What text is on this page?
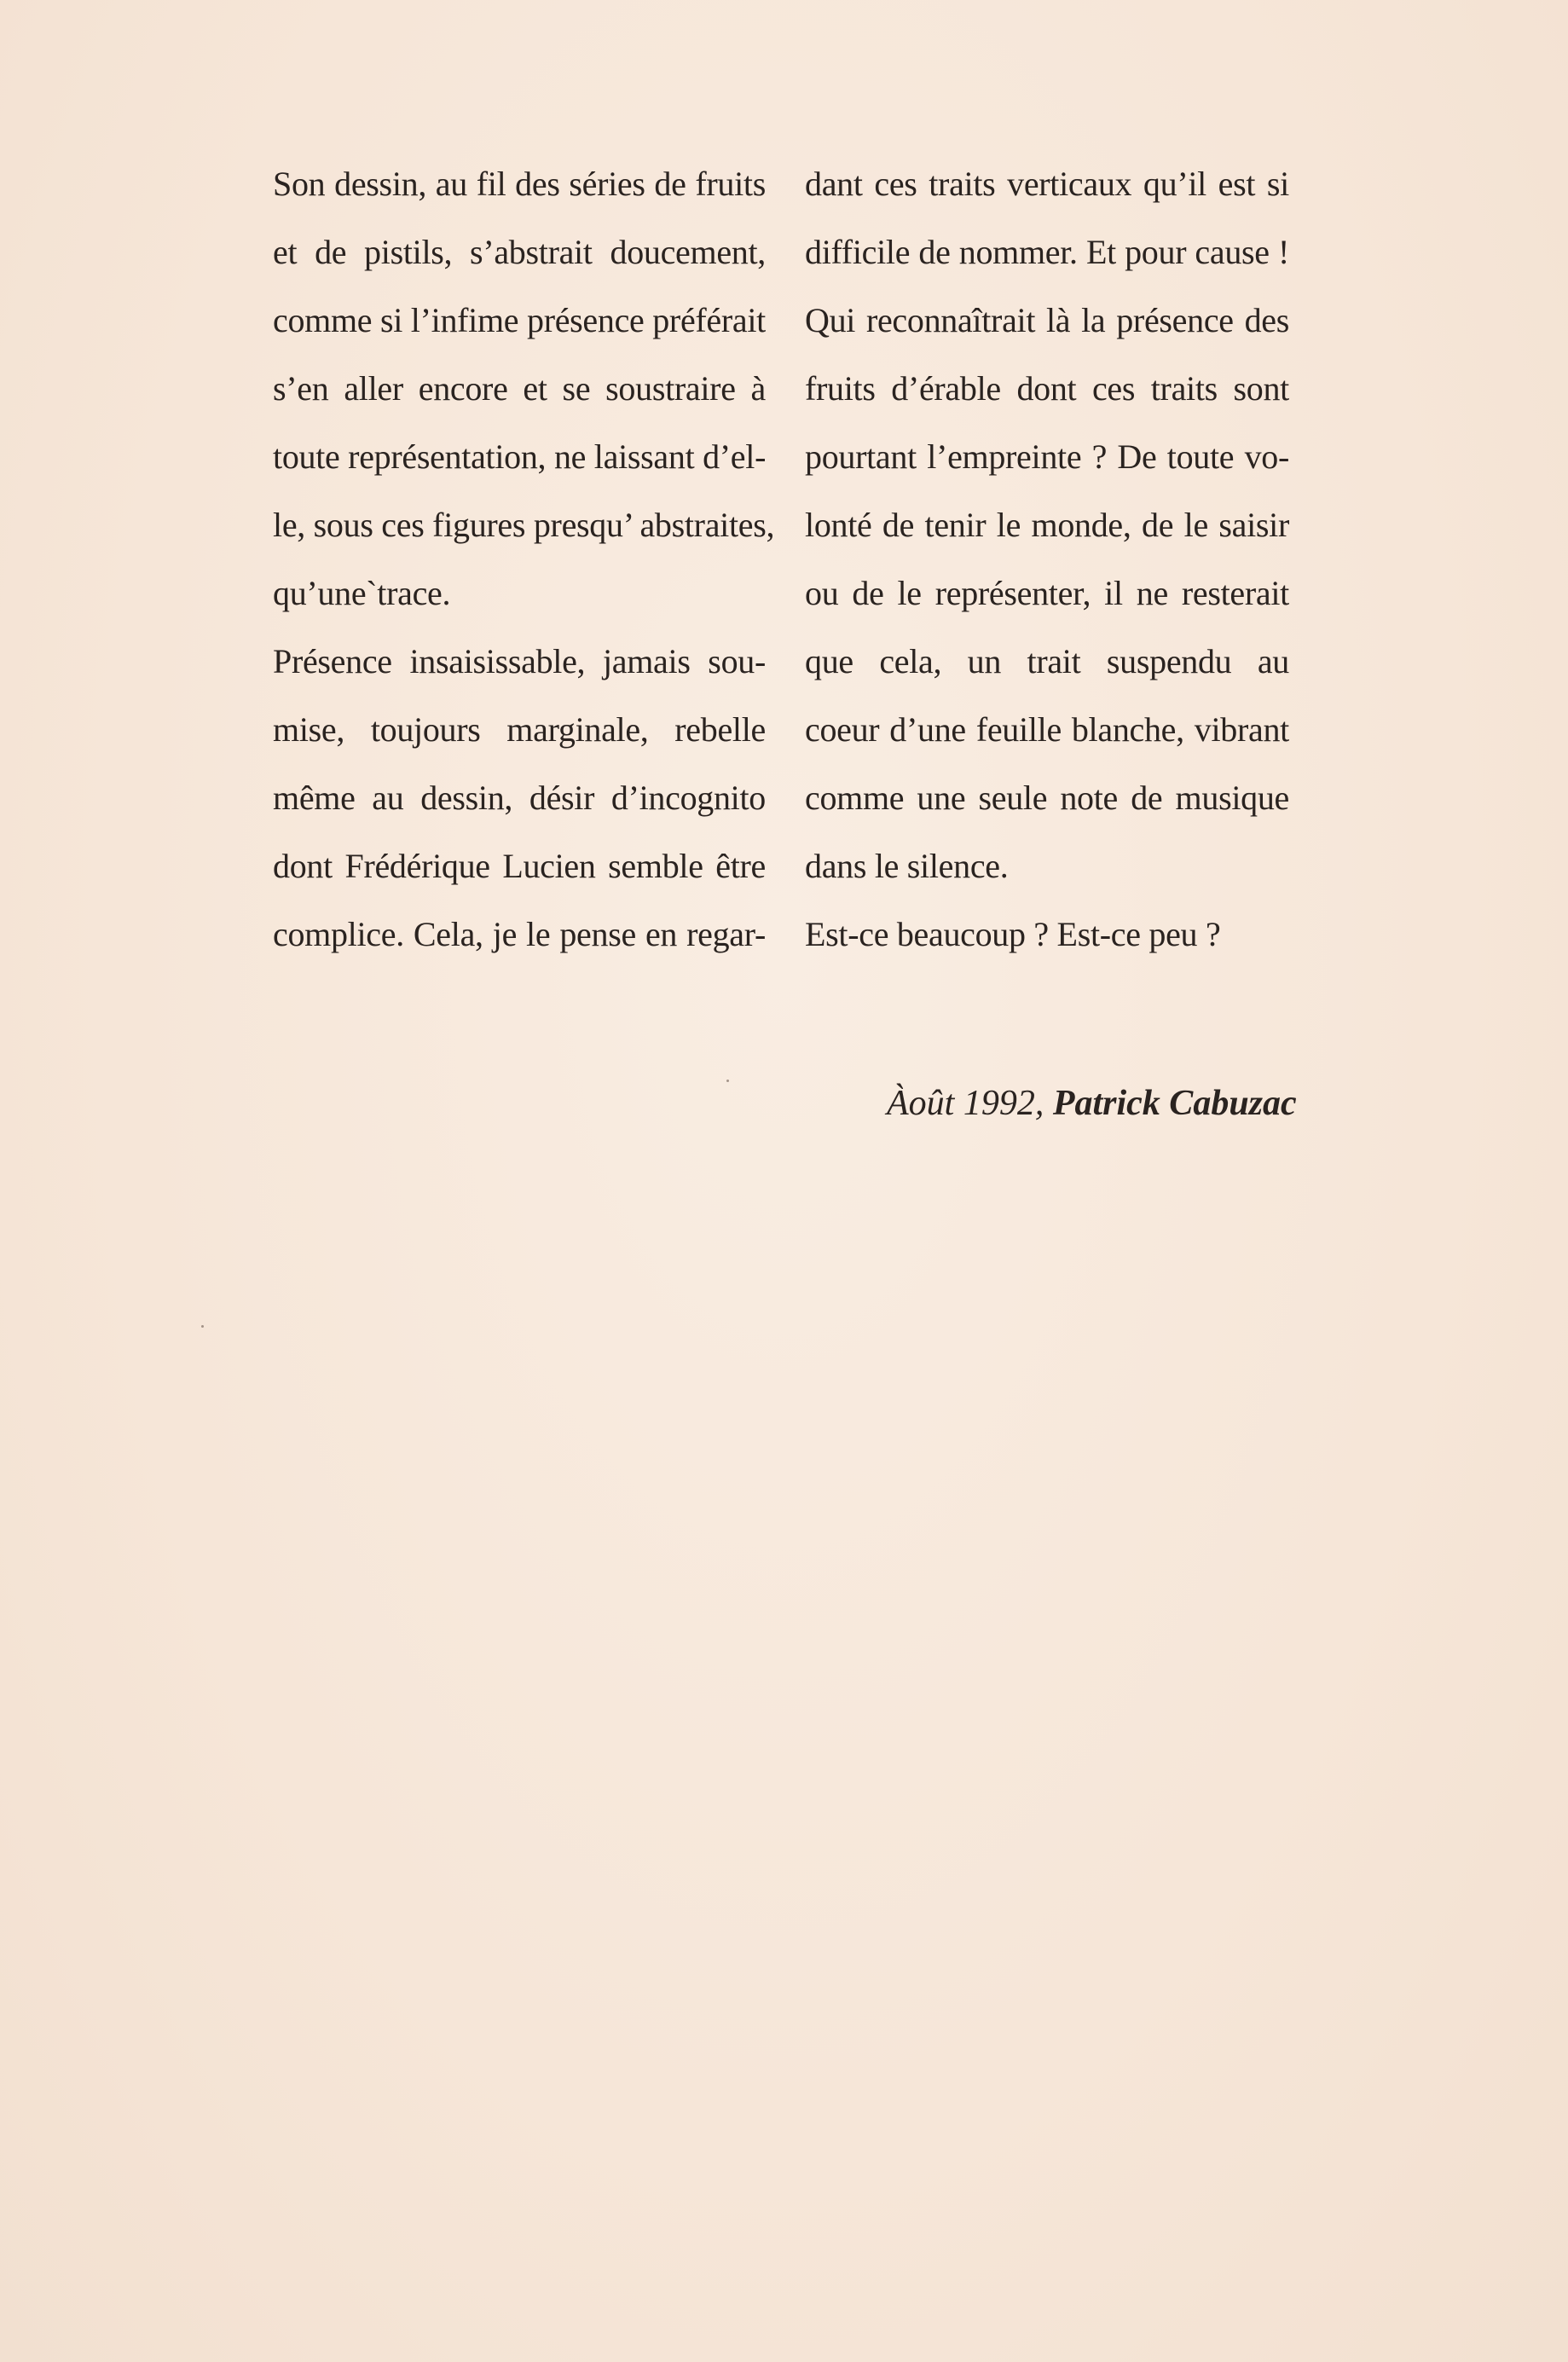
Son dessin, au fil des séries de fruits
et de pistils, s’abstrait doucement,
comme si l’infime présence préférait
s’en aller encore et se soustraire à
toute représentation, ne laissant d’el-
le, sous ces figures presqu’ abstraites,
qu’une`trace.
Présence insaisissable, jamais sou-
mise, toujours marginale, rebelle
même au dessin, désir d’incognito
dont Frédérique Lucien semble être
complice. Cela, je le pense en regar-
dant ces traits verticaux qu’il est si
difficile de nommer. Et pour cause !
Qui reconnaîtrait là la présence des
fruits d’érable dont ces traits sont
pourtant l’empreinte ? De toute vo-
lonté de tenir le monde, de le saisir
ou de le représenter, il ne resterait
que cela, un trait suspendu au
coeur d’une feuille blanche, vibrant
comme une seule note de musique
dans le silence.
Est-ce beaucoup ? Est-ce peu ?
Àoût 1992, Patrick Cabuzac
